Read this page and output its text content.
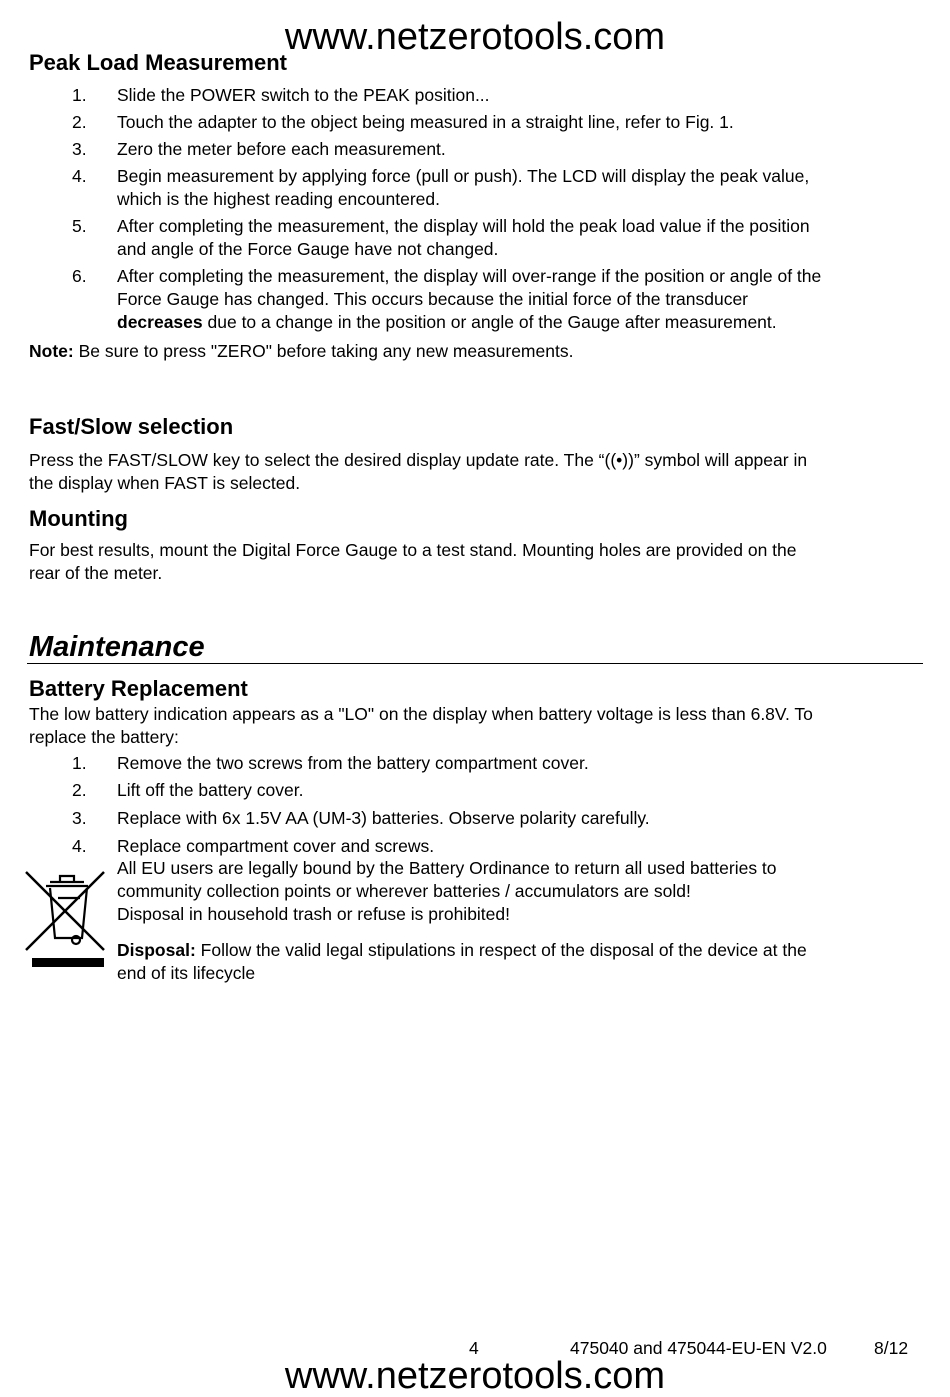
www.netzerotools.com
Peak Load Measurement
1.	Slide the POWER switch to the PEAK position...
2.	Touch the adapter to the object being measured in a straight line, refer to Fig. 1.
3.	Zero the meter before each measurement.
4.	Begin measurement by applying force (pull or push). The LCD will display the peak value,
which is the highest reading encountered.
5.	After completing the measurement, the display will hold the peak load value if the position
and angle of the Force Gauge have not changed.
6.	After completing the measurement, the display will over-range if the position or angle of the
Force Gauge has changed. This occurs because the initial force of the transducer
decreases due to a change in the position or angle of the Gauge after measurement.
Note: Be sure to press "ZERO" before taking any new measurements.
Fast/Slow selection
Press the FAST/SLOW key to select the desired display update rate. The “((•))” symbol will appear in
the display when FAST is selected.
Mounting
For best results, mount the Digital Force Gauge to a test stand. Mounting holes are provided on the
rear of the meter.
Maintenance
Battery Replacement
The low battery indication appears as a "LO" on the display when battery voltage is less than 6.8V. To
replace the battery:
1.	Remove the two screws from the battery compartment cover.
2.	Lift off the battery cover.
3.	Replace with 6x 1.5V AA (UM-3) batteries. Observe polarity carefully.
4.	Replace compartment cover and screws.
All EU users are legally bound by the Battery Ordinance to return all used batteries to
community collection points or wherever batteries / accumulators are sold!
Disposal in household trash or refuse is prohibited!
Disposal: Follow the valid legal stipulations in respect of the disposal of the device at the
end of its lifecycle
4	475040 and 475044-EU-EN V2.0	8/12
www.netzerotools.com
